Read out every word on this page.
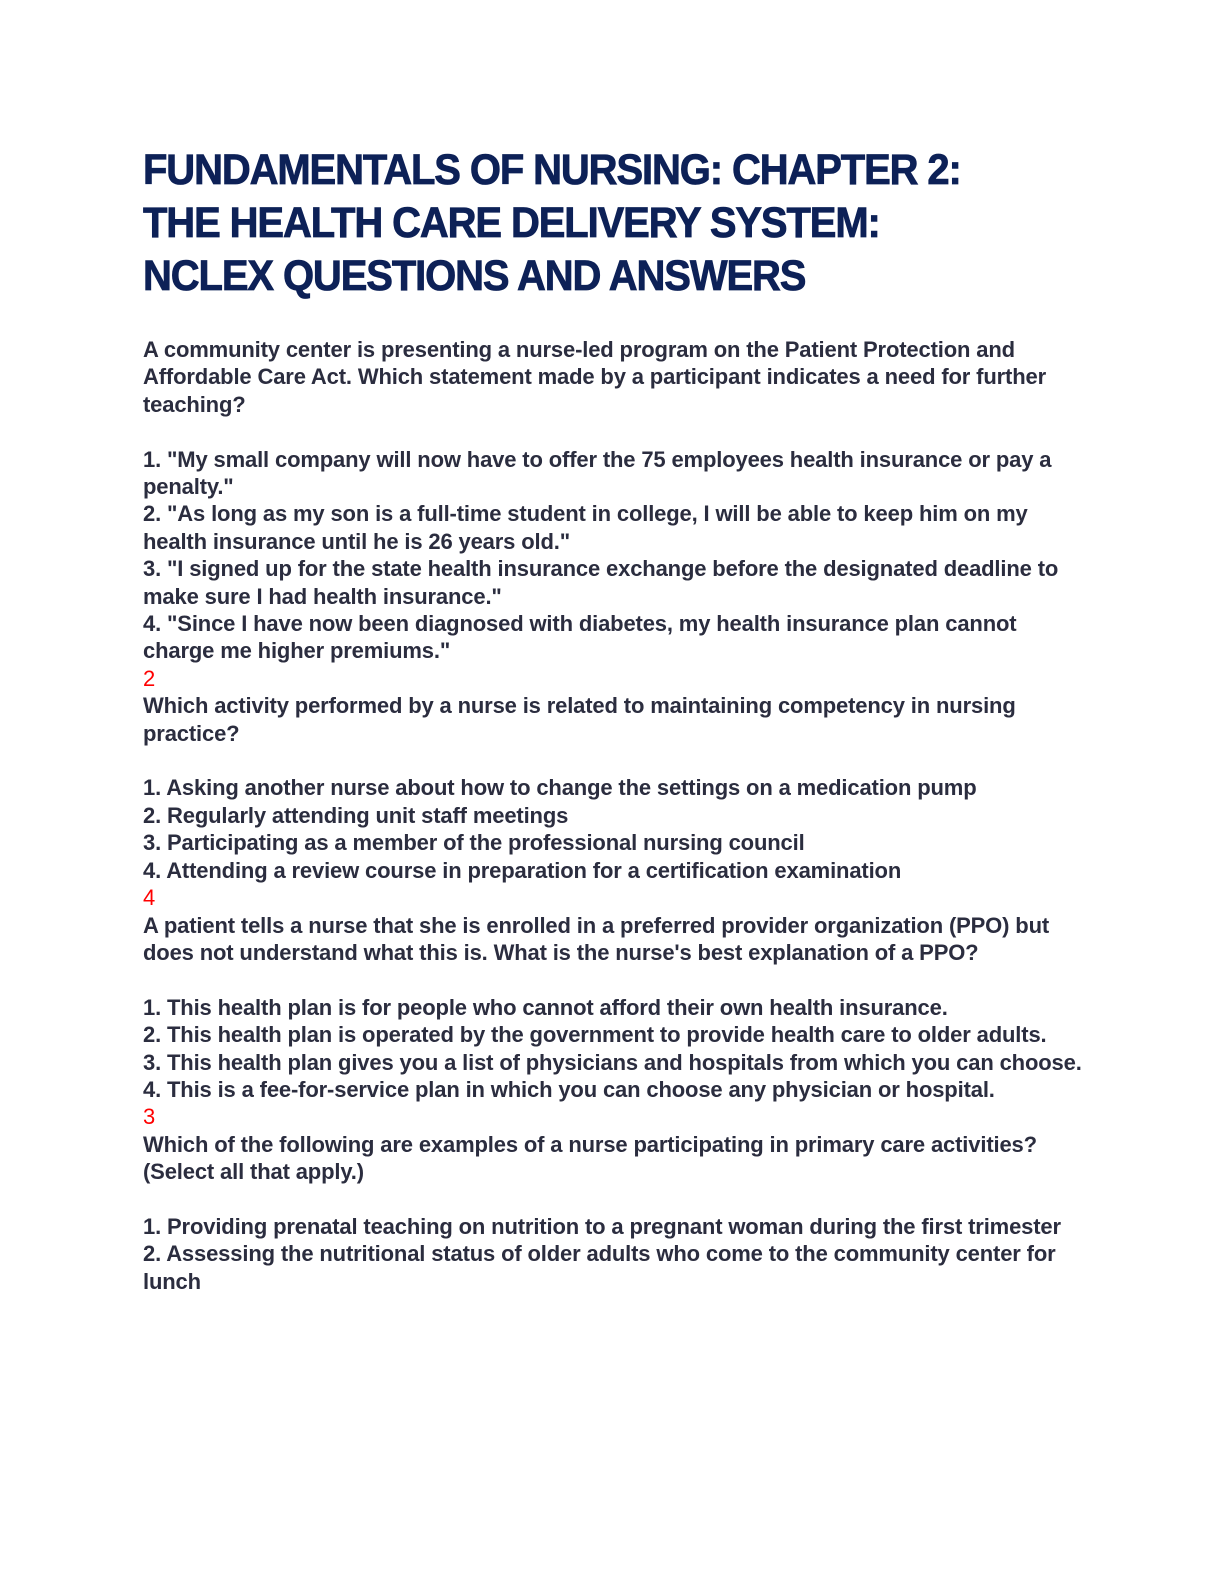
FUNDAMENTALS OF NURSING: CHAPTER 2:
THE HEALTH CARE DELIVERY SYSTEM:
NCLEX QUESTIONS AND ANSWERS

A community center is presenting a nurse-led program on the Patient Protection and Affordable Care Act. Which statement made by a participant indicates a need for further teaching?

1. "My small company will now have to offer the 75 employees health insurance or pay a penalty."

2. "As long as my son is a full-time student in college, I will be able to keep him on my health insurance until he is 26 years old."

3. "I signed up for the state health insurance exchange before the designated deadline to make sure I had health insurance."

4. "Since I have now been diagnosed with diabetes, my health insurance plan cannot charge me higher premiums."

2

Which activity performed by a nurse is related to maintaining competency in nursing practice?

1. Asking another nurse about how to change the settings on a medication pump

2. Regularly attending unit staff meetings

3. Participating as a member of the professional nursing council

4. Attending a review course in preparation for a certification examination

4

A patient tells a nurse that she is enrolled in a preferred provider organization (PPO) but does not understand what this is. What is the nurse's best explanation of a PPO?

1. This health plan is for people who cannot afford their own health insurance.

2. This health plan is operated by the government to provide health care to older adults.

3. This health plan gives you a list of physicians and hospitals from which you can choose.

4. This is a fee-for-service plan in which you can choose any physician or hospital.

3

Which of the following are examples of a nurse participating in primary care activities? (Select all that apply.)

1. Providing prenatal teaching on nutrition to a pregnant woman during the first trimester

2. Assessing the nutritional status of older adults who come to the community center for lunch
